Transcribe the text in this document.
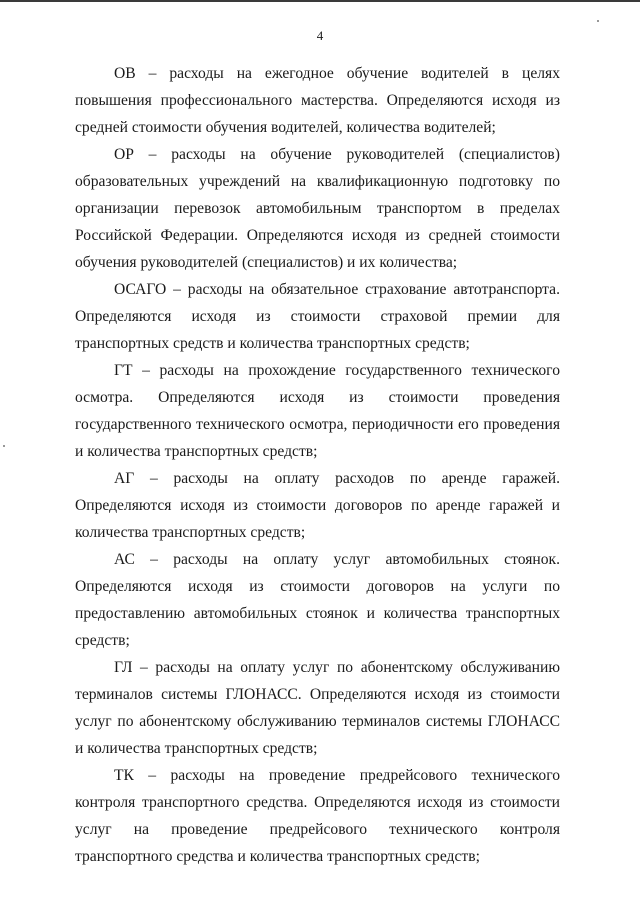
4

ОВ – расходы на ежегодное обучение водителей в целях повышения профессионального мастерства. Определяются исходя из средней стоимости обучения водителей, количества водителей;

ОР – расходы на обучение руководителей (специалистов) образовательных учреждений на квалификационную подготовку по организации перевозок автомобильным транспортом в пределах Российской Федерации. Определяются исходя из средней стоимости обучения руководителей (специалистов) и их количества;

ОСАГО – расходы на обязательное страхование автотранспорта. Определяются исходя из стоимости страховой премии для транспортных средств и количества транспортных средств;

ГТ – расходы на прохождение государственного технического осмотра. Определяются исходя из стоимости проведения государственного технического осмотра, периодичности его проведения и количества транспортных средств;

АГ – расходы на оплату расходов по аренде гаражей. Определяются исходя из стоимости договоров по аренде гаражей и количества транспортных средств;

АС – расходы на оплату услуг автомобильных стоянок. Определяются исходя из стоимости договоров на услуги по предоставлению автомобильных стоянок и количества транспортных средств;

ГЛ – расходы на оплату услуг по абонентскому обслуживанию терминалов системы ГЛОНАСС. Определяются исходя из стоимости услуг по абонентскому обслуживанию терминалов системы ГЛОНАСС и количества транспортных средств;

ТК – расходы на проведение предрейсового технического контроля транспортного средства. Определяются исходя из стоимости услуг на проведение предрейсового технического контроля транспортного средства и количества транспортных средств;
